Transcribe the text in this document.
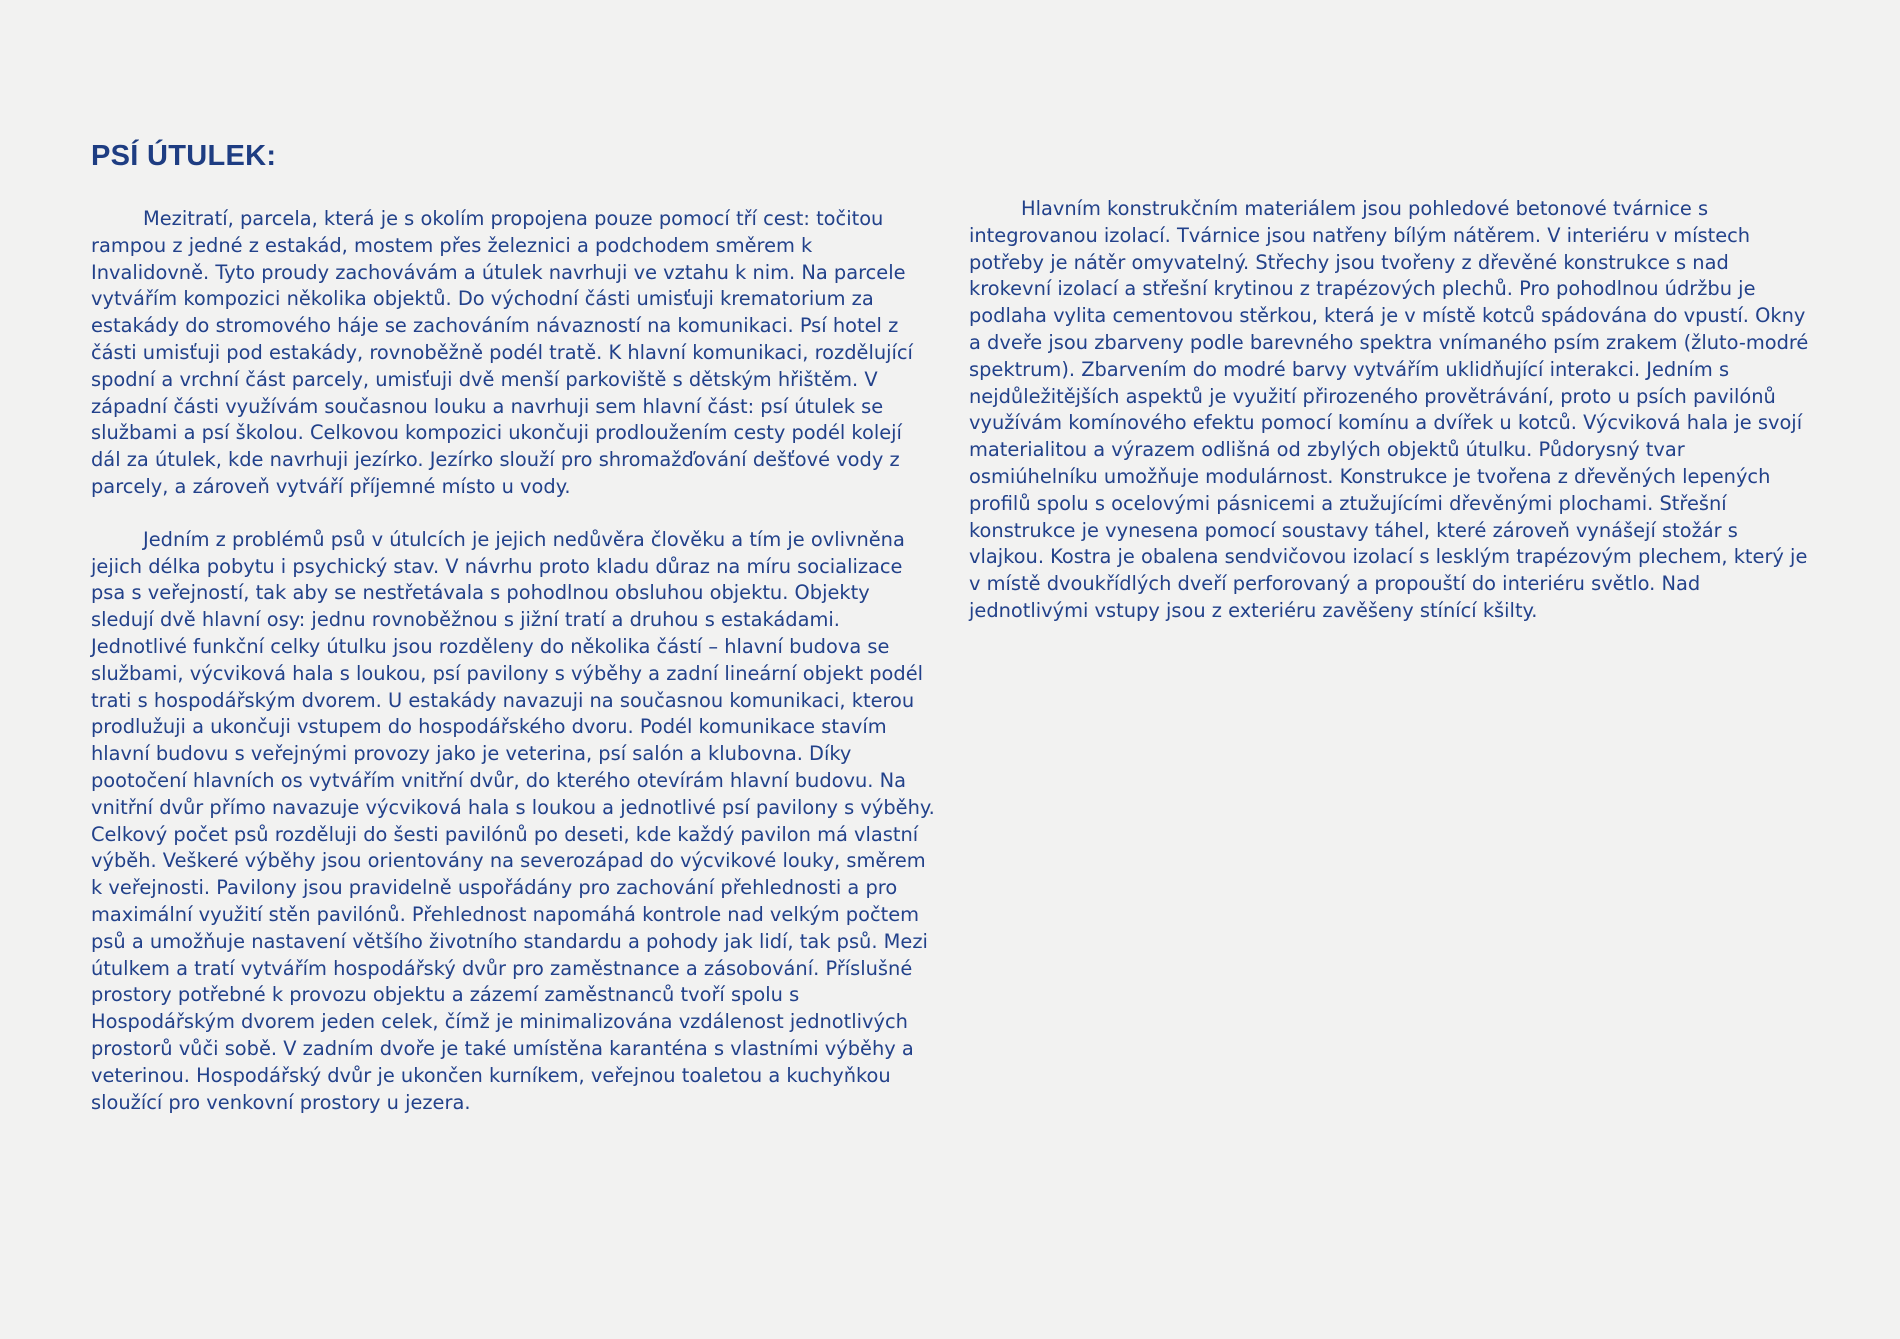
PSÍ ÚTULEK:

Mezitratí, parcela, která je s okolím propojena pouze pomocí tří cest: točitou rampou z jedné z estakád, mostem přes železnici a podchodem směrem k Invalidovně. Tyto proudy zachovávám a útulek navrhuji ve vztahu k nim. Na parcele vytvářím kompozici několika objektů. Do východní části umisťuji krematorium za estakády do stromového háje se zachováním návazností na komunikaci. Psí hotel z části umisťuji pod estakády, rovnoběžně podél tratě. K hlavní komunikaci, rozdělující spodní a vrchní část parcely, umisťuji dvě menší parkoviště s dětským hřištěm. V západní části využívám současnou louku a navrhuji sem hlavní část: psí útulek se službami a psí školou. Celkovou kompozici ukončuji prodloužením cesty podél kolejí dál za útulek, kde navrhuji jezírko. Jezírko slouží pro shromažďování dešťové vody z parcely, a zároveň vytváří příjemné místo u vody.

Jedním z problémů psů v útulcích je jejich nedůvěra člověku a tím je ovlivněna jejich délka pobytu i psychický stav. V návrhu proto kladu důraz na míru socializace psa s veřejností, tak aby se nestřetávala s pohodlnou obsluhou objektu. Objekty sledují dvě hlavní osy: jednu rovnoběžnou s jižní tratí a druhou s estakádami. Jednotlivé funkční celky útulku jsou rozděleny do několika částí – hlavní budova se službami, výcviková hala s loukou, psí pavilony s výběhy a zadní lineární objekt podél trati s hospodářským dvorem. U estakády navazuji na současnou komunikaci, kterou prodlužuji a ukončuji vstupem do hospodářského dvoru. Podél komunikace stavím hlavní budovu s veřejnými provozy jako je veterina, psí salón a klubovna. Díky pootočení hlavních os vytvářím vnitřní dvůr, do kterého otevírám hlavní budovu. Na vnitřní dvůr přímo navazuje výcviková hala s loukou a jednotlivé psí pavilony s výběhy. Celkový počet psů rozděluji do šesti pavilónů po deseti, kde každý pavilon má vlastní výběh. Veškeré výběhy jsou orientovány na severozápad do výcvikové louky, směrem k veřejnosti. Pavilony jsou pravidelně uspořádány pro zachování přehlednosti a pro maximální využití stěn pavilónů. Přehlednost napomáhá kontrole nad velkým počtem psů a umožňuje nastavení většího životního standardu a pohody jak lidí, tak psů. Mezi útulkem a tratí vytvářím hospodářský dvůr pro zaměstnance a zásobování. Příslušné prostory potřebné k provozu objektu a zázemí zaměstnanců tvoří spolu s Hospodářským dvorem jeden celek, čímž je minimalizována vzdálenost jednotlivých prostorů vůči sobě. V zadním dvoře je také umístěna karanténa s vlastními výběhy a veterinou. Hospodářský dvůr je ukončen kurníkem, veřejnou toaletou a kuchyňkou sloužící pro venkovní prostory u jezera.

Hlavním konstrukčním materiálem jsou pohledové betonové tvárnice s integrovanou izolací. Tvárnice jsou natřeny bílým nátěrem. V interiéru v místech potřeby je nátěr omyvatelný. Střechy jsou tvořeny z dřevěné konstrukce s nad krokevní izolací a střešní krytinou z trapézových plechů. Pro pohodlnou údržbu je podlaha vylita cementovou stěrkou, která je v místě kotců spádována do vpustí. Okny a dveře jsou zbarveny podle barevného spektra vnímaného psím zrakem (žluto-modré spektrum). Zbarvením do modré barvy vytvářím uklidňující interakci. Jedním s nejdůležitějších aspektů je využití přirozeného provětrávání, proto u psích pavilónů využívám komínového efektu pomocí komínu a dvířek u kotců. Výcviková hala je svojí materialitou a výrazem odlišná od zbylých objektů útulku. Půdorysný tvar osmiúhelníku umožňuje modulárnost. Konstrukce je tvořena z dřevěných lepených profilů spolu s ocelovými pásnicemi a ztužujícími dřevěnými plochami. Střešní konstrukce je vynesena pomocí soustavy táhel, které zároveň vynášejí stožár s vlajkou. Kostra je obalena sendvičovou izolací s lesklým trapézovým plechem, který je v místě dvoukřídlých dveří perforovaný a propouští do interiéru světlo. Nad jednotlivými vstupy jsou z exteriéru zavěšeny stínící kšilty.
